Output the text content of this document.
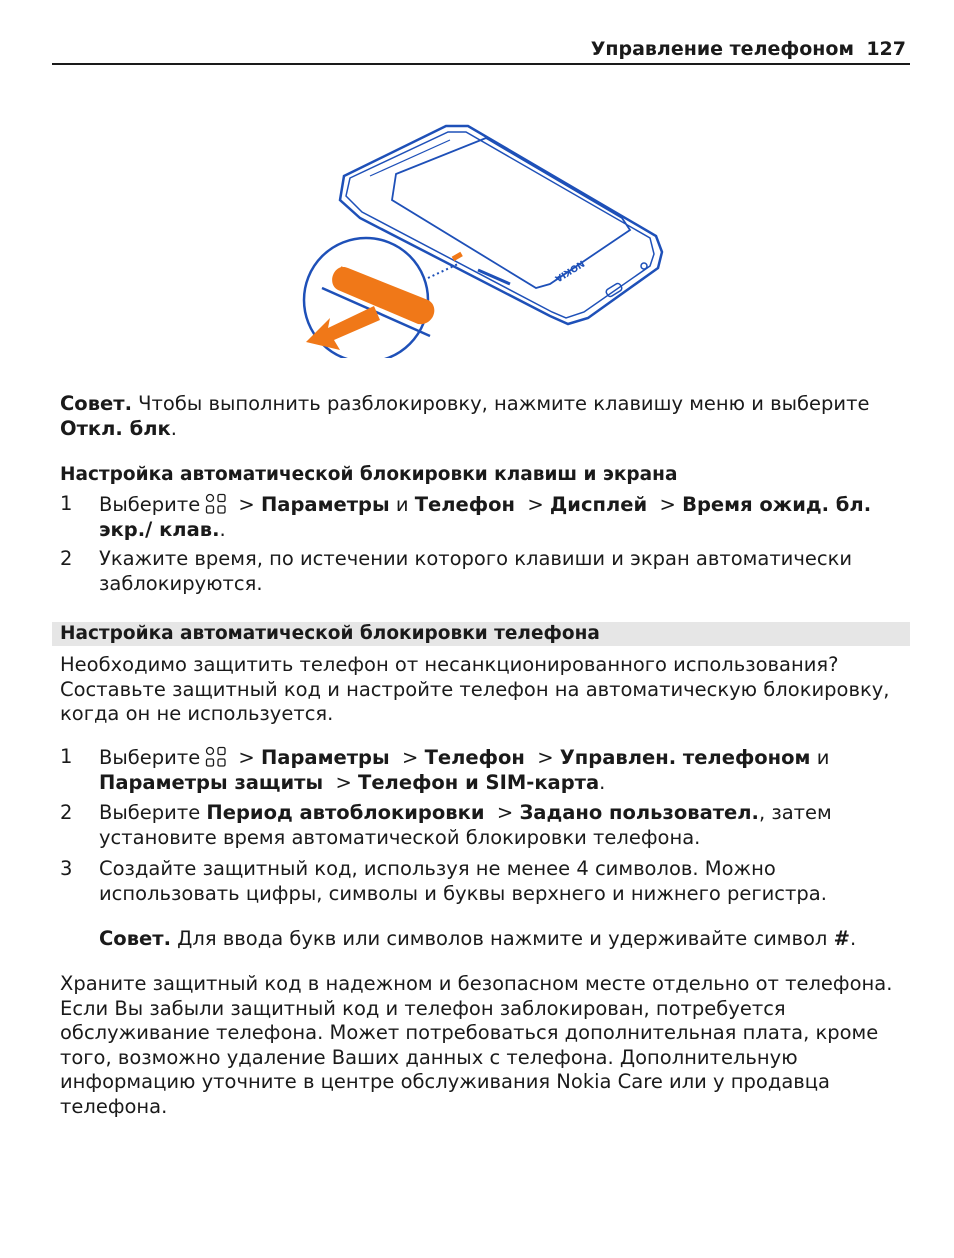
Управление телефоном 127
NOKIA
Совет. Чтобы выполнить разблокировку, нажмите клавишу меню и выберите Откл. блк.
Настройка автоматической блокировки клавиш и экрана
1 Выберите > Параметры и Телефон  > Дисплей  > Время ожид. бл. экр./ клав..
2 Укажите время, по истечении которого клавиши и экран автоматически заблокируются.
Настройка автоматической блокировки телефона
Необходимо защитить телефон от несанкционированного использования? Составьте защитный код и настройте телефон на автоматическую блокировку, когда он не используется.
1 Выберите > Параметры  > Телефон  > Управлен. телефоном и Параметры защиты  > Телефон и SIM-карта.
2 Выберите Период автоблокировки  > Задано пользовател., затем установите время автоматической блокировки телефона.
3 Создайте защитный код, используя не менее 4 символов. Можно использовать цифры, символы и буквы верхнего и нижнего регистра.
Совет. Для ввода букв или символов нажмите и удерживайте символ #.
Храните защитный код в надежном и безопасном месте отдельно от телефона. Если Вы забыли защитный код и телефон заблокирован, потребуется обслуживание телефона. Может потребоваться дополнительная плата, кроме того, возможно удаление Ваших данных с телефона. Дополнительную информацию уточните в центре обслуживания Nokia Care или у продавца телефона.
